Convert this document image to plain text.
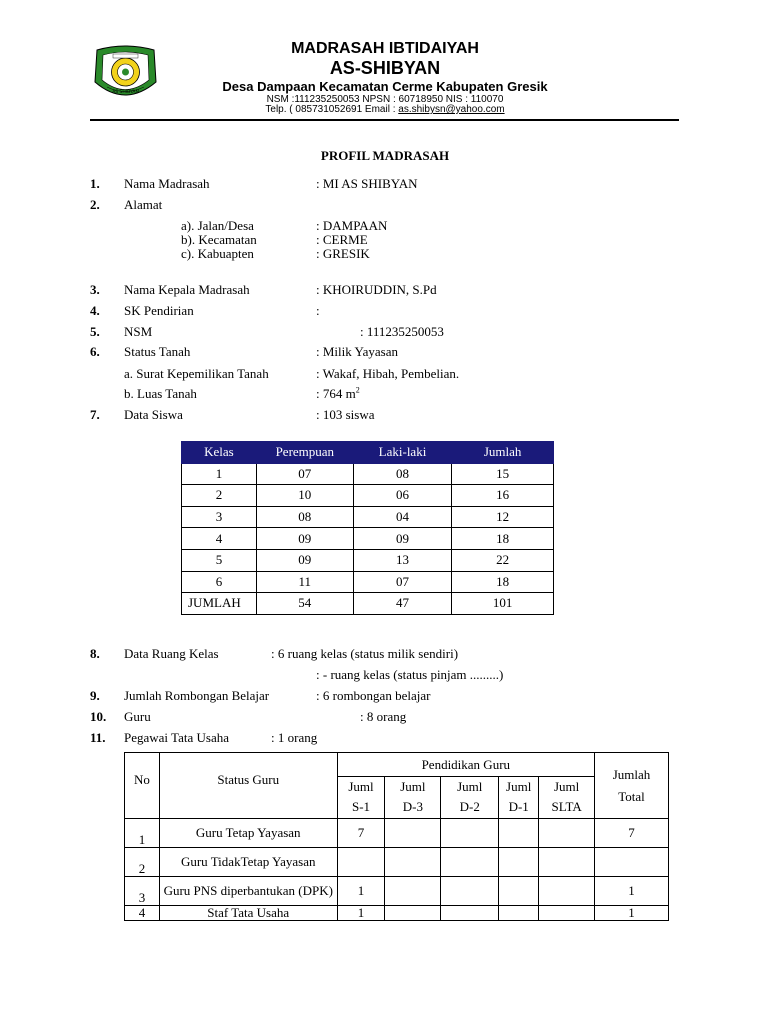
AS SHIBYAN
MADRASAH IBTIDAIYAH
AS-SHIBYAN
Desa Dampaan Kecamatan Cerme Kabupaten Gresik
NSM :111235250053 NPSN : 60718950 NIS : 110070
Telp. ( 085731052691 Email : as.shibysn@yahoo.com
PROFIL MADRASAH
1. Nama Madrasah	: MI AS SHIBYAN
2. Alamat
a). Jalan/Desa	: DAMPAAN
b). Kecamatan	: CERME
c). Kabuapten	: GRESIK
3. Nama Kepala Madrasah	: KHOIRUDDIN, S.Pd
4. SK Pendirian	:
5. NSM	: 111235250053
6. Status Tanah	: Milik Yayasan
a. Surat Kepemilikan Tanah	: Wakaf, Hibah, Pembelian.
b. Luas Tanah	: 764 $m^2$
7. Data Siswa	: 103 siswa
Kelas	Perempuan	Laki-laki	Jumlah
1	07	08	15
2	10	06	16
3	08	04	12
4	09	09	18
5	09	13	22
6	11	07	18
JUMLAH	54	47	101
8. Data Ruang Kelas	: 6 ruang kelas (status milik sendiri)
: - ruang kelas (status pinjam .........)
9. Jumlah Rombongan Belajar	: 6 rombongan belajar
10. Guru	: 8 orang
11. Pegawai Tata Usaha	: 1 orang
No	Status Guru	Pendidikan Guru					Jumlah
Total

		Juml	Juml	Juml	Juml	Juml	
		S-1	D-3	D-2	D-1	SLTA	
1	Guru Tetap Yayasan	7					7
2	Guru TidakTetap Yayasan						
3	Guru PNS diperbantukan (DPK)	1					1
4	Staf Tata Usaha	1					1
